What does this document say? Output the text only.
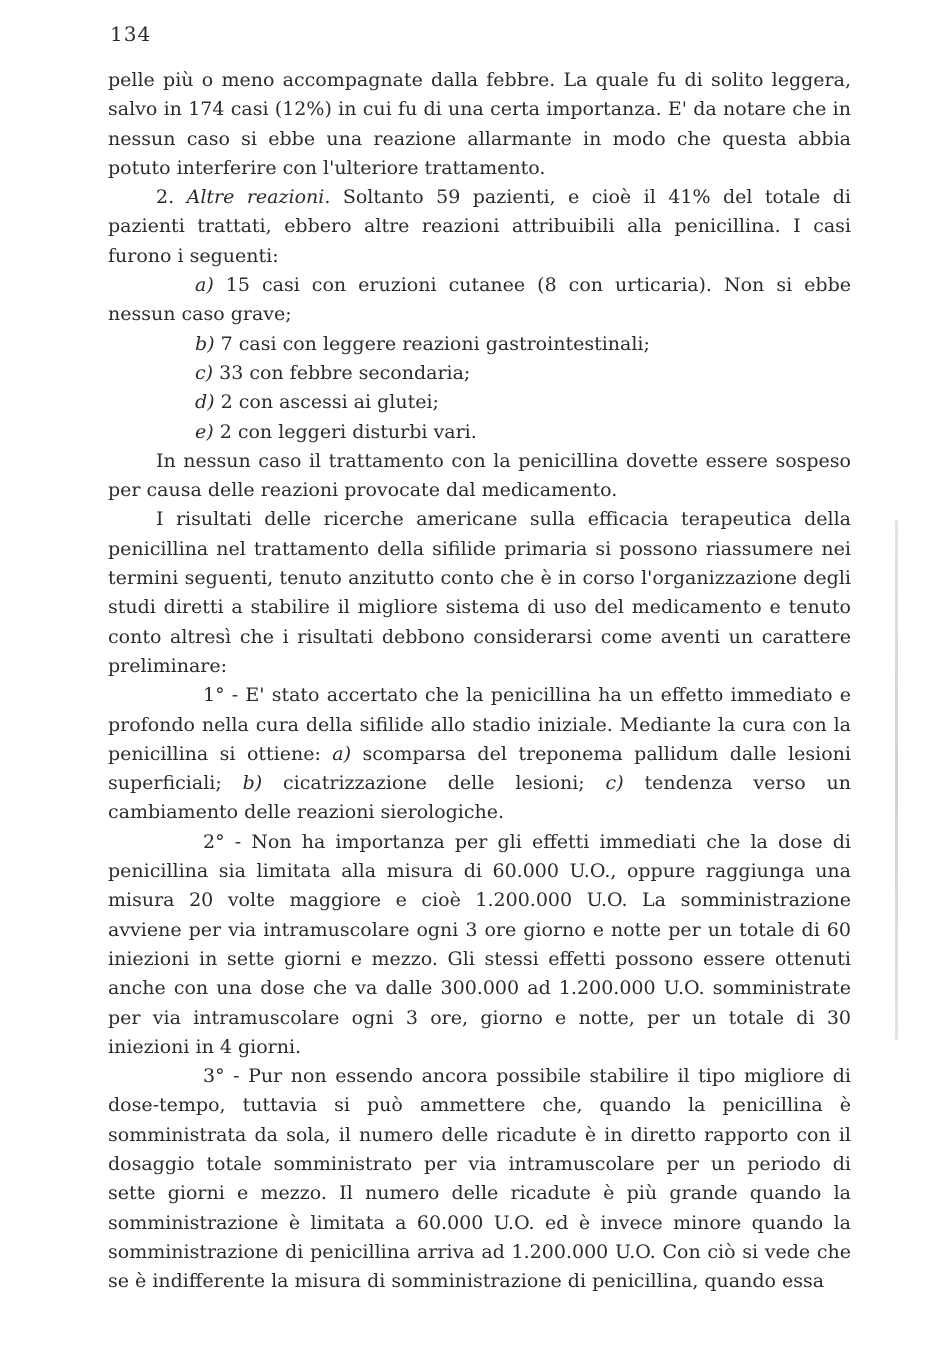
134

pelle più o meno accompagnate dalla febbre. La quale fu di solito leggera, salvo in 174 casi (12%) in cui fu di una certa importanza. E' da notare che in nessun caso si ebbe una reazione allarmante in modo che questa abbia potuto interferire con l'ulteriore trattamento.

2. Altre reazioni. Soltanto 59 pazienti, e cioè il 41% del totale di pazienti trattati, ebbero altre reazioni attribuibili alla penicillina. I casi furono i seguenti:

a) 15 casi con eruzioni cutanee (8 con urticaria). Non si ebbe nessun caso grave;

b) 7 casi con leggere reazioni gastrointestinali;

c) 33 con febbre secondaria;

d) 2 con ascessi ai glutei;

e) 2 con leggeri disturbi vari.

In nessun caso il trattamento con la penicillina dovette essere sospeso per causa delle reazioni provocate dal medicamento.

I risultati delle ricerche americane sulla efficacia terapeutica della penicillina nel trattamento della sifilide primaria si possono riassumere nei termini seguenti, tenuto anzitutto conto che è in corso l'organizzazione degli studi diretti a stabilire il migliore sistema di uso del medicamento e tenuto conto altresì che i risultati debbono considerarsi come aventi un carattere preliminare:

1° - E' stato accertato che la penicillina ha un effetto immediato e profondo nella cura della sifilide allo stadio iniziale. Mediante la cura con la penicillina si ottiene: a) scomparsa del treponema pallidum dalle lesioni superficiali; b) cicatrizzazione delle lesioni; c) tendenza verso un cambiamento delle reazioni sierologiche.

2° - Non ha importanza per gli effetti immediati che la dose di penicillina sia limitata alla misura di 60.000 U.O., oppure raggiunga una misura 20 volte maggiore e cioè 1.200.000 U.O. La somministrazione avviene per via intramuscolare ogni 3 ore giorno e notte per un totale di 60 iniezioni in sette giorni e mezzo. Gli stessi effetti possono essere ottenuti anche con una dose che va dalle 300.000 ad 1.200.000 U.O. somministrate per via intramuscolare ogni 3 ore, giorno e notte, per un totale di 30 iniezioni in 4 giorni.

3° - Pur non essendo ancora possibile stabilire il tipo migliore di dose-tempo, tuttavia si può ammettere che, quando la penicillina è somministrata da sola, il numero delle ricadute è in diretto rapporto con il dosaggio totale somministrato per via intramuscolare per un periodo di sette giorni e mezzo. Il numero delle ricadute è più grande quando la somministrazione è limitata a 60.000 U.O. ed è invece minore quando la somministrazione di penicillina arriva ad 1.200.000 U.O. Con ciò si vede che se è indifferente la misura di somministrazione di penicillina, quando essa
